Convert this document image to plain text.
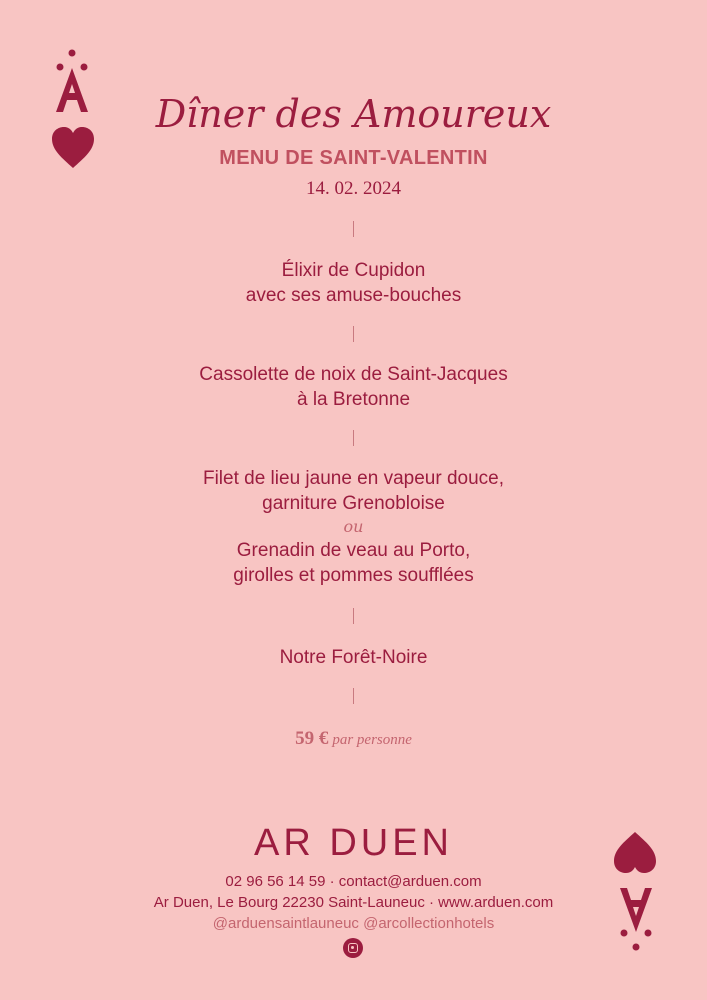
Dîner des Amoureux
MENU DE SAINT-VALENTIN
14. 02. 2024
Élixir de Cupidon
avec ses amuse-bouches
Cassolette de noix de Saint-Jacques
à la Bretonne
Filet de lieu jaune en vapeur douce,
garniture Grenobloise
ou
Grenadin de veau au Porto,
girolles et pommes soufflées
Notre Forêt-Noire
59 € par personne
AR DUEN
02 96 56 14 59 · contact@arduen.com
Ar Duen, Le Bourg 22230 Saint-Launeuc · www.arduen.com
@arduensaintlauneuc @arcollectionhotels
